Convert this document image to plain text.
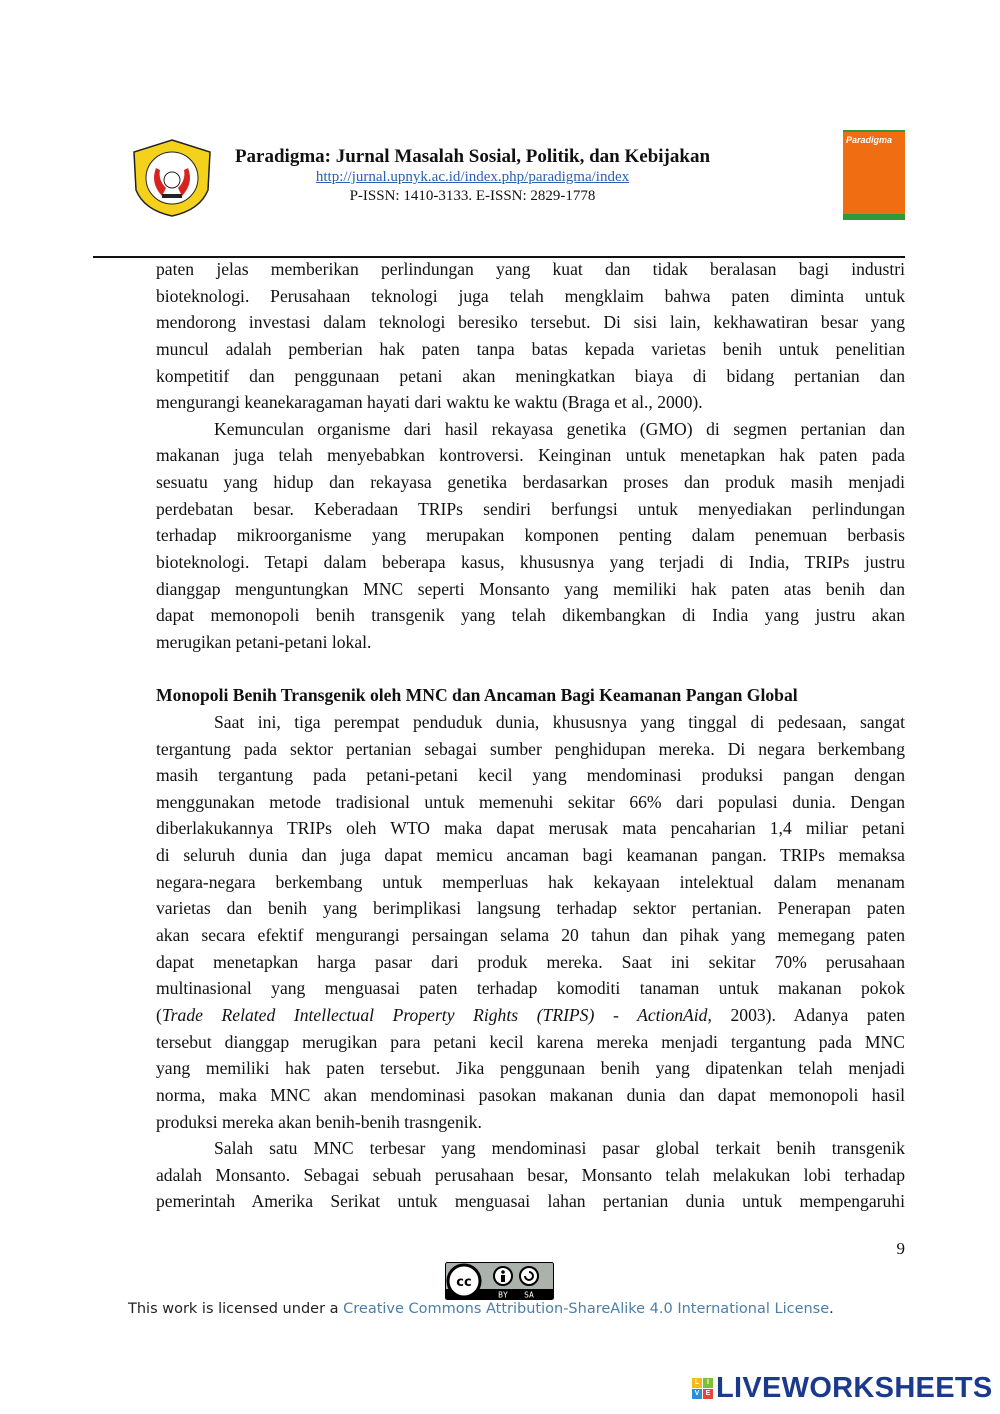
Paradigma: Jurnal Masalah Sosial, Politik, dan Kebijakan
http://jurnal.upnyk.ac.id/index.php/paradigma/index
P-ISSN: 1410-3133. E-ISSN: 2829-1778
Paradigma
paten jelas memberikan perlindungan yang kuat dan tidak beralasan bagi industri
bioteknologi. Perusahaan teknologi juga telah mengklaim bahwa paten diminta untuk
mendorong investasi dalam teknologi beresiko tersebut. Di sisi lain, kekhawatiran besar yang
muncul adalah pemberian hak paten tanpa batas kepada varietas benih untuk penelitian
kompetitif dan penggunaan petani akan meningkatkan biaya di bidang pertanian dan
mengurangi keanekaragaman hayati dari waktu ke waktu (Braga et al., 2000).
Kemunculan organisme dari hasil rekayasa genetika (GMO) di segmen pertanian dan
makanan juga telah menyebabkan kontroversi. Keinginan untuk menetapkan hak paten pada
sesuatu yang hidup dan rekayasa genetika berdasarkan proses dan produk masih menjadi
perdebatan besar. Keberadaan TRIPs sendiri berfungsi untuk menyediakan perlindungan
terhadap mikroorganisme yang merupakan komponen penting dalam penemuan berbasis
bioteknologi. Tetapi dalam beberapa kasus, khususnya yang terjadi di India, TRIPs justru
dianggap menguntungkan MNC seperti Monsanto yang memiliki hak paten atas benih dan
dapat memonopoli benih transgenik yang telah dikembangkan di India yang justru akan
merugikan petani-petani lokal.
Monopoli Benih Transgenik oleh MNC dan Ancaman Bagi Keamanan Pangan Global
Saat ini, tiga perempat penduduk dunia, khususnya yang tinggal di pedesaan, sangat
tergantung pada sektor pertanian sebagai sumber penghidupan mereka. Di negara berkembang
masih tergantung pada petani-petani kecil yang mendominasi produksi pangan dengan
menggunakan metode tradisional untuk memenuhi sekitar 66% dari populasi dunia. Dengan
diberlakukannya TRIPs oleh WTO maka dapat merusak mata pencaharian 1,4 miliar petani
di seluruh dunia dan juga dapat memicu ancaman bagi keamanan pangan. TRIPs memaksa
negara-negara berkembang untuk memperluas hak kekayaan intelektual dalam menanam
varietas dan benih yang berimplikasi langsung terhadap sektor pertanian. Penerapan paten
akan secara efektif mengurangi persaingan selama 20 tahun dan pihak yang memegang paten
dapat menetapkan harga pasar dari produk mereka. Saat ini sekitar 70% perusahaan
multinasional yang menguasai paten terhadap komoditi tanaman untuk makanan pokok
(Trade Related Intellectual Property Rights (TRIPS) - ActionAid, 2003). Adanya paten
tersebut dianggap merugikan para petani kecil karena mereka menjadi tergantung pada MNC
yang memiliki hak paten tersebut. Jika penggunaan benih yang dipatenkan telah menjadi
norma, maka MNC akan mendominasi pasokan makanan dunia dan dapat memonopoli hasil
produksi mereka akan benih-benih trasngenik.
Salah satu MNC terbesar yang mendominasi pasar global terkait benih transgenik
adalah Monsanto. Sebagai sebuah perusahaan besar, Monsanto telah melakukan lobi terhadap
pemerintah Amerika Serikat untuk menguasai lahan pertanian dunia untuk mempengaruhi
9
cc
BY SA
This work is licensed under a Creative Commons Attribution-ShareAlike 4.0 International License.
L	I
V E LIVEWORKSHEETS
